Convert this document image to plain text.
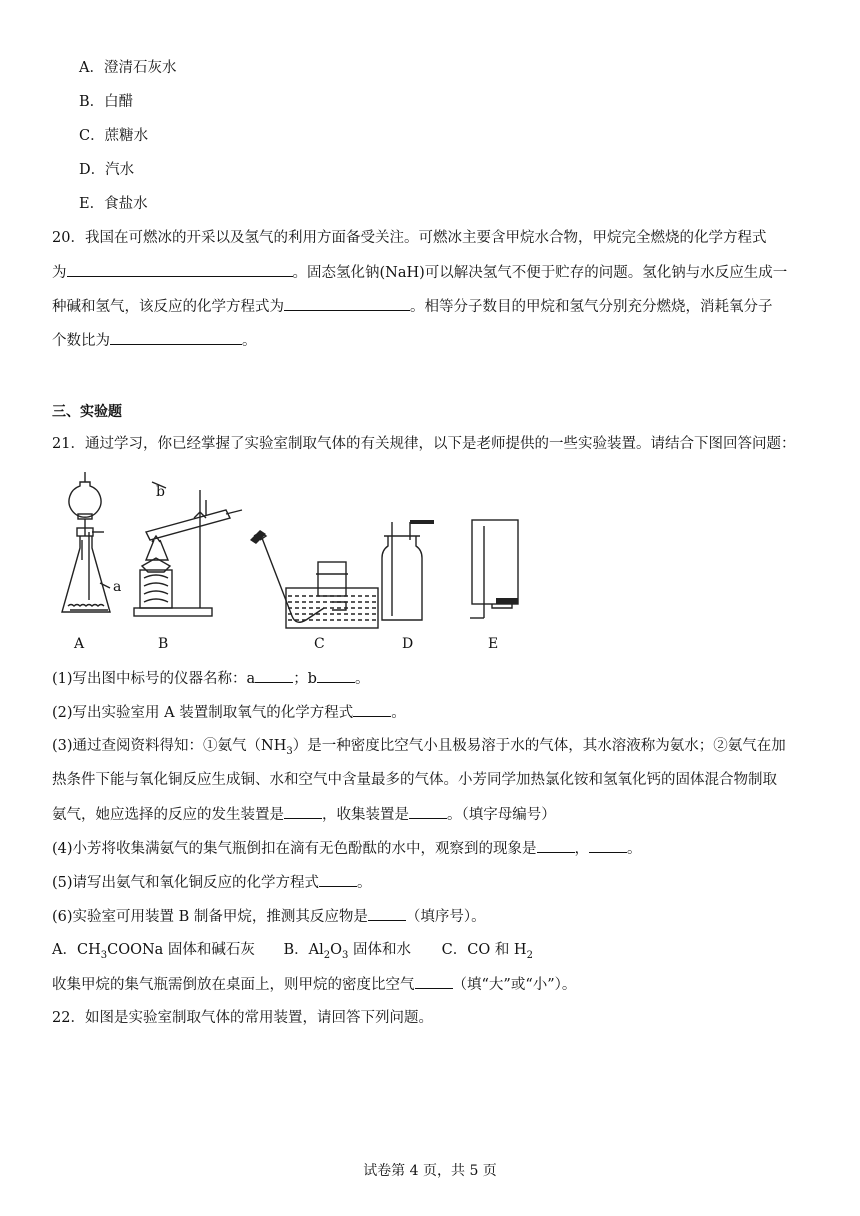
A．澄清石灰水
B．白醋
C．蔗糖水
D．汽水
E．食盐水
20．我国在可燃冰的开采以及氢气的利用方面备受关注。可燃冰主要含甲烷水合物，甲烷完全燃烧的化学方程式
为	。固态氢化钠(NaH)可以解决氢气不便于贮存的问题。氢化钠与水反应生成一
种碱和氢气，该反应的化学方程式为	。相等分子数目的甲烷和氢气分别充分燃烧，消耗氧分子
个数比为	。
三、实验题
21．通过学习，你已经掌握了实验室制取气体的有关规律，以下是老师提供的一些实验装置。请结合下图回答问题：
a
b
A	B	C	D	E
(1)写出图中标号的仪器名称：a	；b	。
(2)写出实验室用 A 装置制取氧气的化学方程式	。
(3)通过查阅资料得知：①氨气$(NH_3)$是一种密度比空气小且极易溶于水的气体，其水溶液称为氨水；②氨气在加
热条件下能与氧化铜反应生成铜、水和空气中含量最多的气体。小芳同学加热氯化铵和氢氧化钙的固体混合物制取
氨气，她应选择的反应的发生装置是	，收集装置是	。（填字母编号）
(4)小芳将收集满氨气的集气瓶倒扣在滴有无色酚酞的水中，观察到的现象是	，	。
(5)请写出氨气和氧化铜反应的化学方程式	。
(6)实验室可用装置 B 制备甲烷，推测其反应物是	（填序号）。
A．$CH_3COONa$ 固体和碱石灰 B．$Al_2O_3$ 固体和水 C．CO 和 $H_2$
收集甲烷的集气瓶需倒放在桌面上，则甲烷的密度比空气	（填“大”或“小”）。
22．如图是实验室制取气体的常用装置，请回答下列问题。
试卷第 4 页，共 5 页
